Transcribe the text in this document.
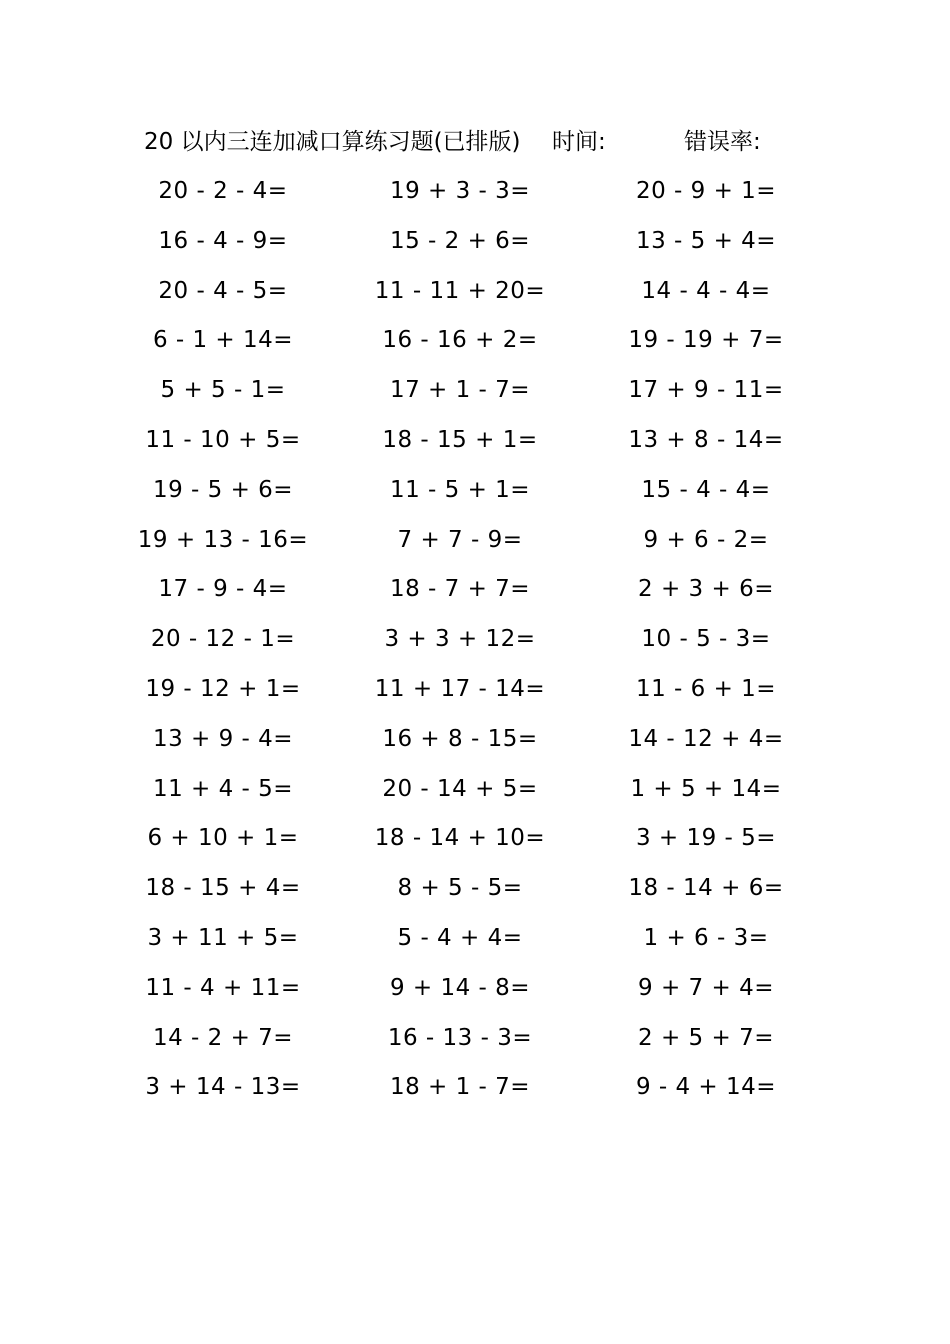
20 以内三连加减口算练习题(已排版) 时间:	错误率:
20 - 2 - 4=	19 + 3 - 3=	20 - 9 + 1=
16 - 4 - 9=	15 - 2 + 6=	13 - 5 + 4=
20 - 4 - 5=	11 - 11 + 20=	14 - 4 - 4=
6 - 1 + 14=	16 - 16 + 2=	19 - 19 + 7=
5 + 5 - 1=	17 + 1 - 7=	17 + 9 - 11=
11 - 10 + 5=	18 - 15 + 1=	13 + 8 - 14=
19 - 5 + 6=	11 - 5 + 1=	15 - 4 - 4=
19 + 13 - 16=	7 + 7 - 9=	9 + 6 - 2=
17 - 9 - 4=	18 - 7 + 7=	2 + 3 + 6=
20 - 12 - 1=	3 + 3 + 12=	10 - 5 - 3=
19 - 12 + 1=	11 + 17 - 14=	11 - 6 + 1=
13 + 9 - 4=	16 + 8 - 15=	14 - 12 + 4=
11 + 4 - 5=	20 - 14 + 5=	1 + 5 + 14=
6 + 10 + 1=	18 - 14 + 10=	3 + 19 - 5=
18 - 15 + 4=	8 + 5 - 5=	18 - 14 + 6=
3 + 11 + 5=	5 - 4 + 4=	1 + 6 - 3=
11 - 4 + 11=	9 + 14 - 8=	9 + 7 + 4=
14 - 2 + 7=	16 - 13 - 3=	2 + 5 + 7=
3 + 14 - 13=	18 + 1 - 7=	9 - 4 + 14=
